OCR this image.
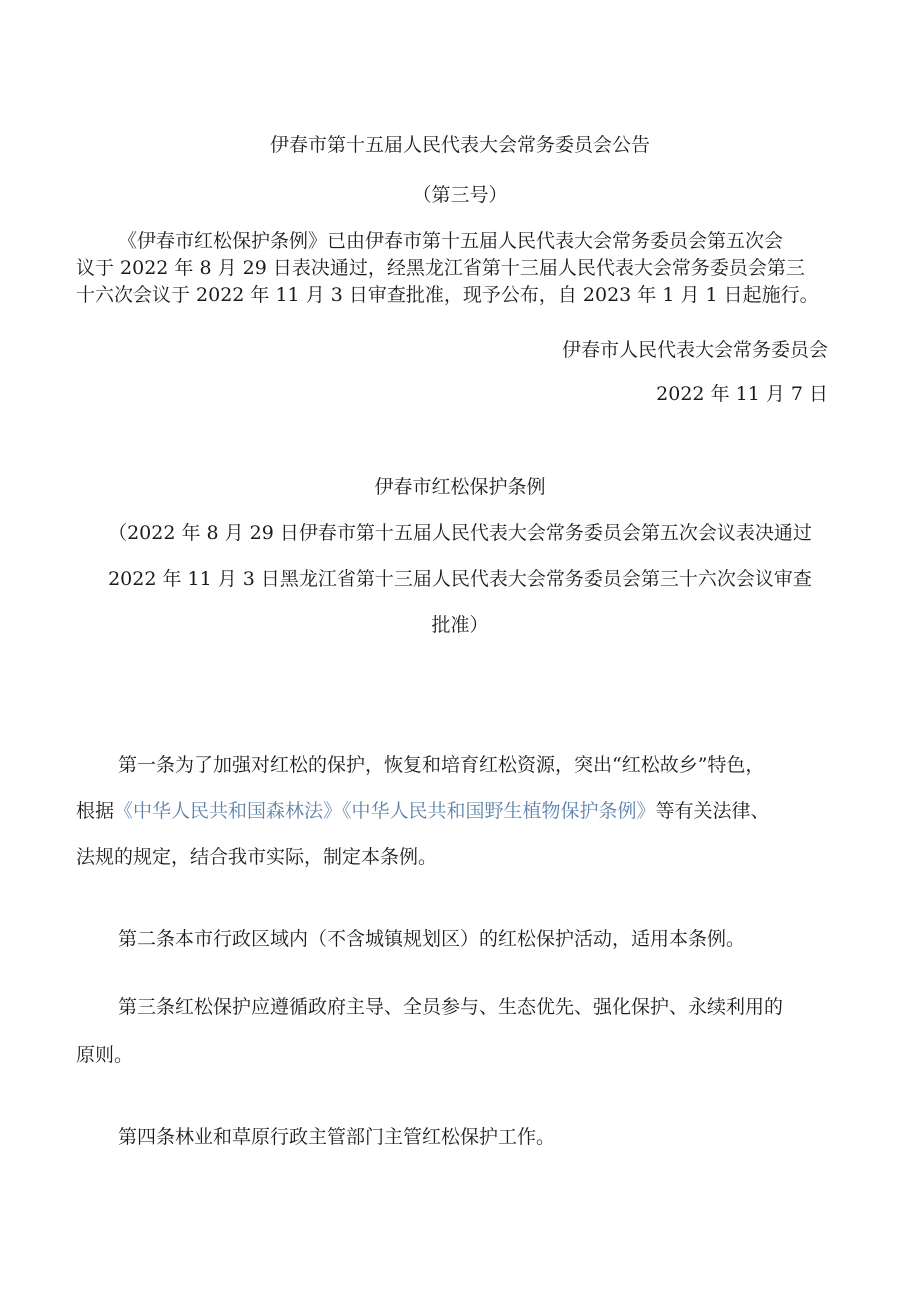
伊春市第十五届人民代表大会常务委员会公告
（第三号）
《伊春市红松保护条例》已由伊春市第十五届人民代表大会常务委员会第五次会
议于 2022 年 8 月 29 日表决通过，经黑龙江省第十三届人民代表大会常务委员会第三
十六次会议于 2022 年 11 月 3 日审查批准，现予公布，自 2023 年 1 月 1 日起施行。
伊春市人民代表大会常务委员会
2022 年 11 月 7 日
伊春市红松保护条例
（2022 年 8 月 29 日伊春市第十五届人民代表大会常务委员会第五次会议表决通过
2022 年 11 月 3 日黑龙江省第十三届人民代表大会常务委员会第三十六次会议审查
批准）
第一条为了加强对红松的保护，恢复和培育红松资源，突出“红松故乡”特色，
根据《中华人民共和国森林法》《中华人民共和国野生植物保护条例》等有关法律、
法规的规定，结合我市实际，制定本条例。
第二条本市行政区域内（不含城镇规划区）的红松保护活动，适用本条例。
第三条红松保护应遵循政府主导、全员参与、生态优先、强化保护、永续利用的
原则。
第四条林业和草原行政主管部门主管红松保护工作。
